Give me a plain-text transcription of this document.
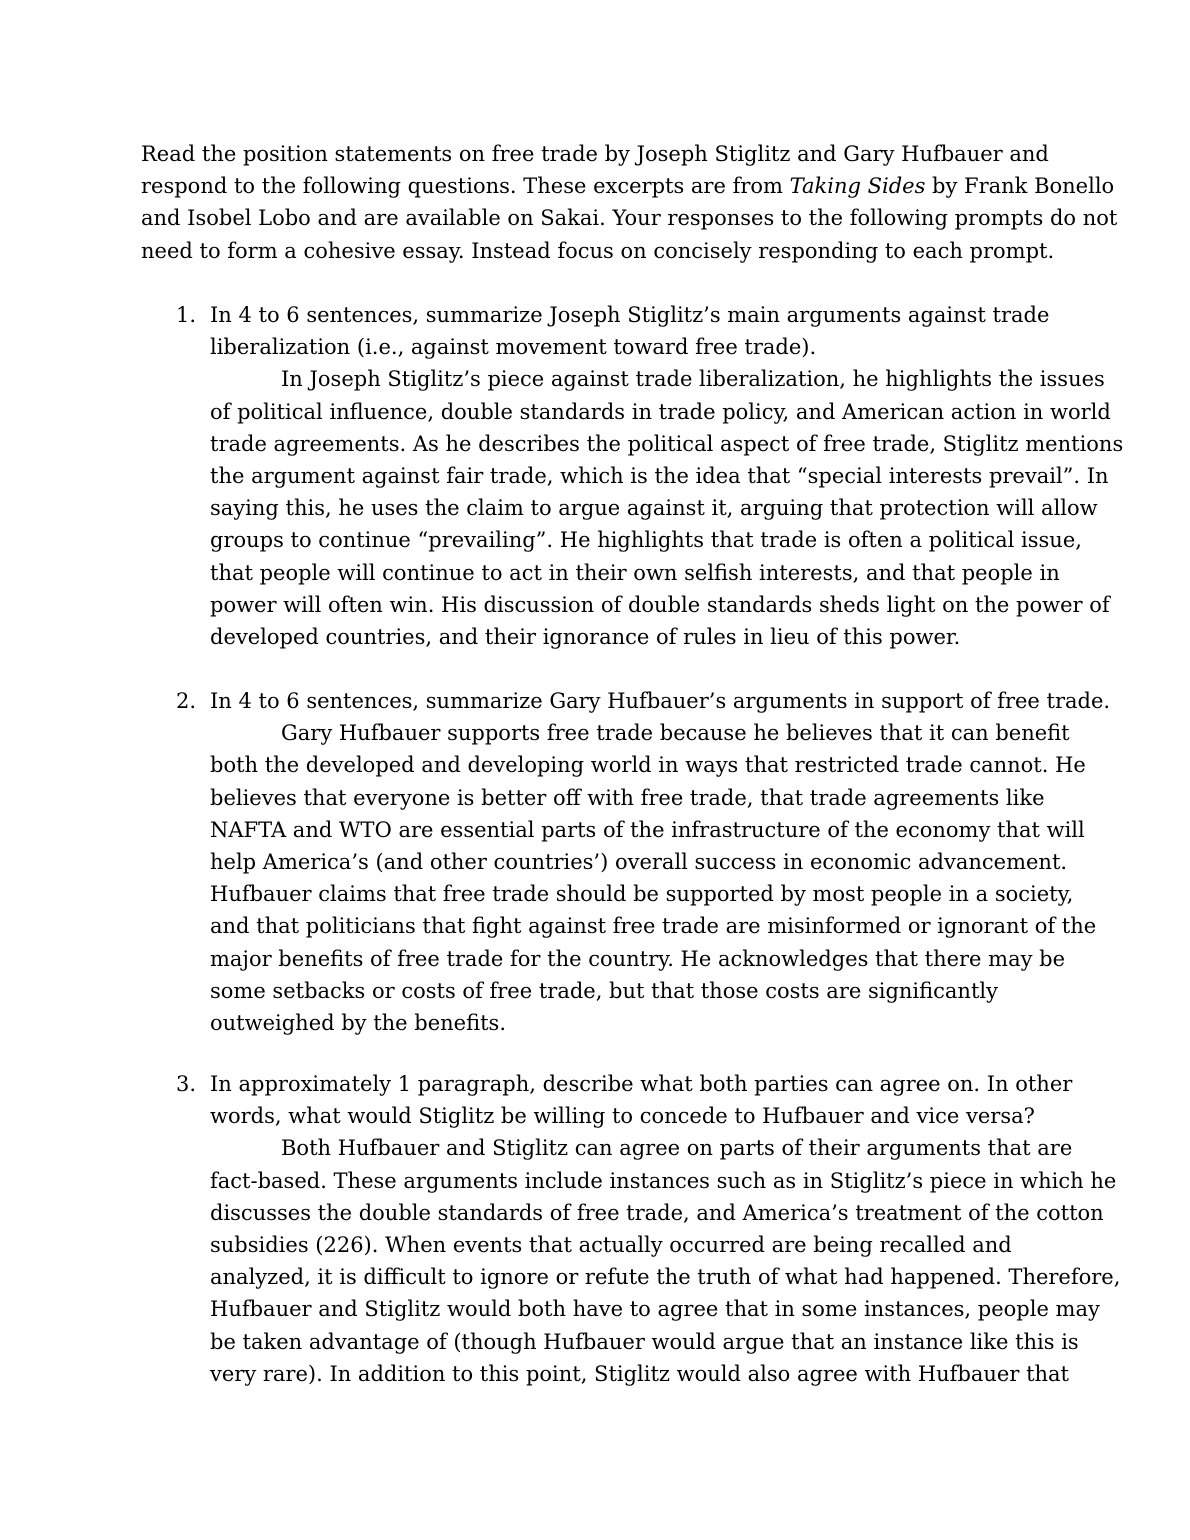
Read the position statements on free trade by Joseph Stiglitz and Gary Hufbauer and
respond to the following questions. These excerpts are from Taking Sides by Frank Bonello
and Isobel Lobo and are available on Sakai. Your responses to the following prompts do not
need to form a cohesive essay. Instead focus on concisely responding to each prompt.

1. In 4 to 6 sentences, summarize Joseph Stiglitz’s main arguments against trade
liberalization (i.e., against movement toward free trade).

In Joseph Stiglitz’s piece against trade liberalization, he highlights the issues
of political influence, double standards in trade policy, and American action in world
trade agreements. As he describes the political aspect of free trade, Stiglitz mentions
the argument against fair trade, which is the idea that “special interests prevail”. In
saying this, he uses the claim to argue against it, arguing that protection will allow
groups to continue “prevailing”. He highlights that trade is often a political issue,
that people will continue to act in their own selfish interests, and that people in
power will often win. His discussion of double standards sheds light on the power of
developed countries, and their ignorance of rules in lieu of this power.

2. In 4 to 6 sentences, summarize Gary Hufbauer’s arguments in support of free trade.

Gary Hufbauer supports free trade because he believes that it can benefit
both the developed and developing world in ways that restricted trade cannot. He
believes that everyone is better off with free trade, that trade agreements like
NAFTA and WTO are essential parts of the infrastructure of the economy that will
help America’s (and other countries’) overall success in economic advancement.
Hufbauer claims that free trade should be supported by most people in a society,
and that politicians that fight against free trade are misinformed or ignorant of the
major benefits of free trade for the country. He acknowledges that there may be
some setbacks or costs of free trade, but that those costs are significantly
outweighed by the benefits.

3. In approximately 1 paragraph, describe what both parties can agree on. In other
words, what would Stiglitz be willing to concede to Hufbauer and vice versa?

Both Hufbauer and Stiglitz can agree on parts of their arguments that are
fact-based. These arguments include instances such as in Stiglitz’s piece in which he
discusses the double standards of free trade, and America’s treatment of the cotton
subsidies (226). When events that actually occurred are being recalled and
analyzed, it is difficult to ignore or refute the truth of what had happened. Therefore,
Hufbauer and Stiglitz would both have to agree that in some instances, people may
be taken advantage of (though Hufbauer would argue that an instance like this is
very rare). In addition to this point, Stiglitz would also agree with Hufbauer that
